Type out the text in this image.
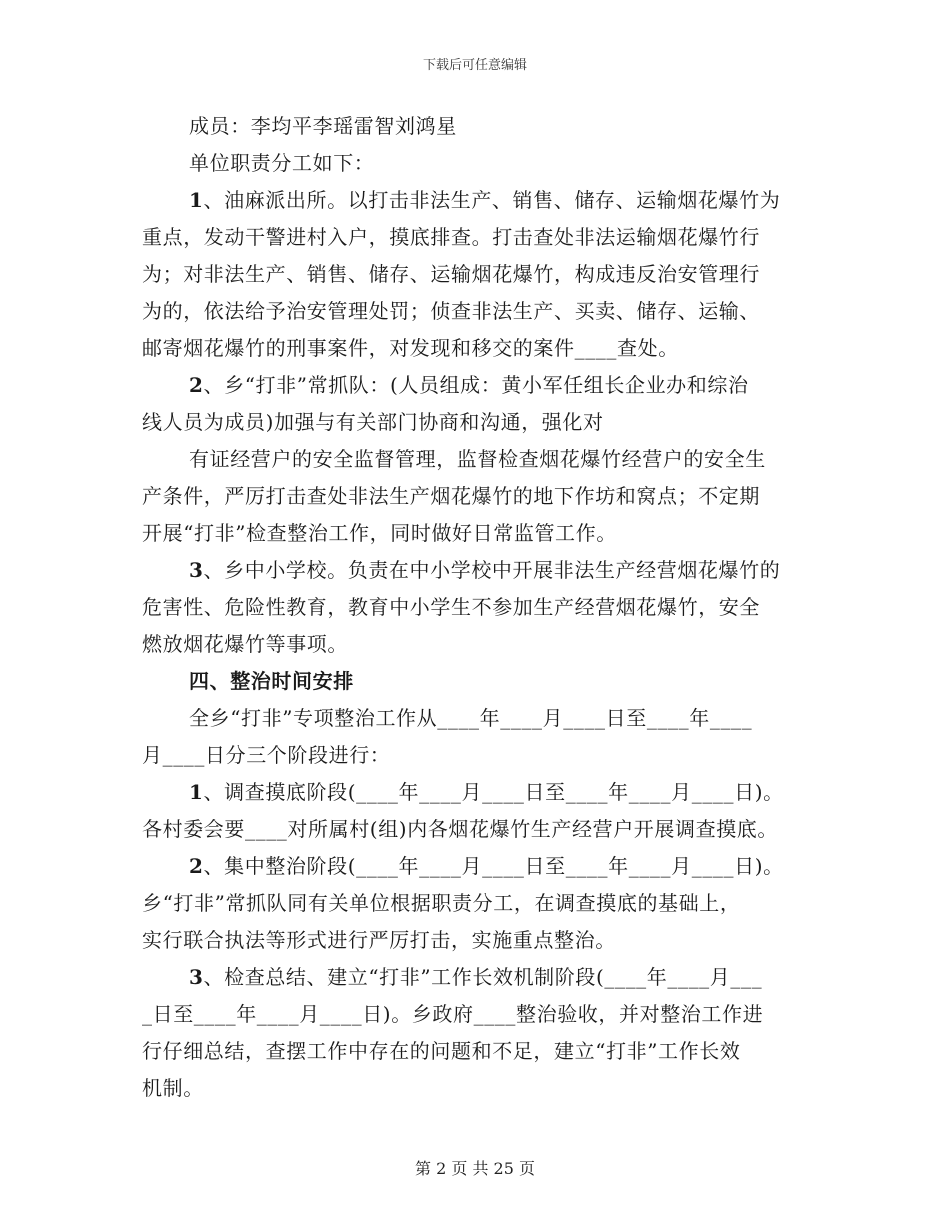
下载后可任意编辑

成员：李均平李瑶雷智刘鸿星

单位职责分工如下：

1、油麻派出所。以打击非法生产、销售、储存、运输烟花爆竹为

重点，发动干警进村入户，摸底排查。打击查处非法运输烟花爆竹行

为；对非法生产、销售、储存、运输烟花爆竹，构成违反治安管理行

为的，依法给予治安管理处罚；侦查非法生产、买卖、储存、运输、

邮寄烟花爆竹的刑事案件，对发现和移交的案件____查处。

2、乡“打非”常抓队：(人员组成：黄小军任组长企业办和综治

线人员为成员)加强与有关部门协商和沟通，强化对

有证经营户的安全监督管理，监督检查烟花爆竹经营户的安全生

产条件，严厉打击查处非法生产烟花爆竹的地下作坊和窝点；不定期

开展“打非”检查整治工作，同时做好日常监管工作。

3、乡中小学校。负责在中小学校中开展非法生产经营烟花爆竹的

危害性、危险性教育，教育中小学生不参加生产经营烟花爆竹，安全

燃放烟花爆竹等事项。

四、整治时间安排

全乡“打非”专项整治工作从____年____月____日至____年____

月____日分三个阶段进行：

1、调查摸底阶段(____年____月____日至____年____月____日)。

各村委会要____对所属村(组)内各烟花爆竹生产经营户开展调查摸底。

2、集中整治阶段(____年____月____日至____年____月____日)。

乡“打非”常抓队同有关单位根据职责分工，在调查摸底的基础上，

实行联合执法等形式进行严厉打击，实施重点整治。

3、检查总结、建立“打非”工作长效机制阶段(____年____月___

_日至____年____月____日)。乡政府____整治验收，并对整治工作进

行仔细总结，查摆工作中存在的问题和不足，建立“打非”工作长效

机制。

第 2 页 共 25 页
